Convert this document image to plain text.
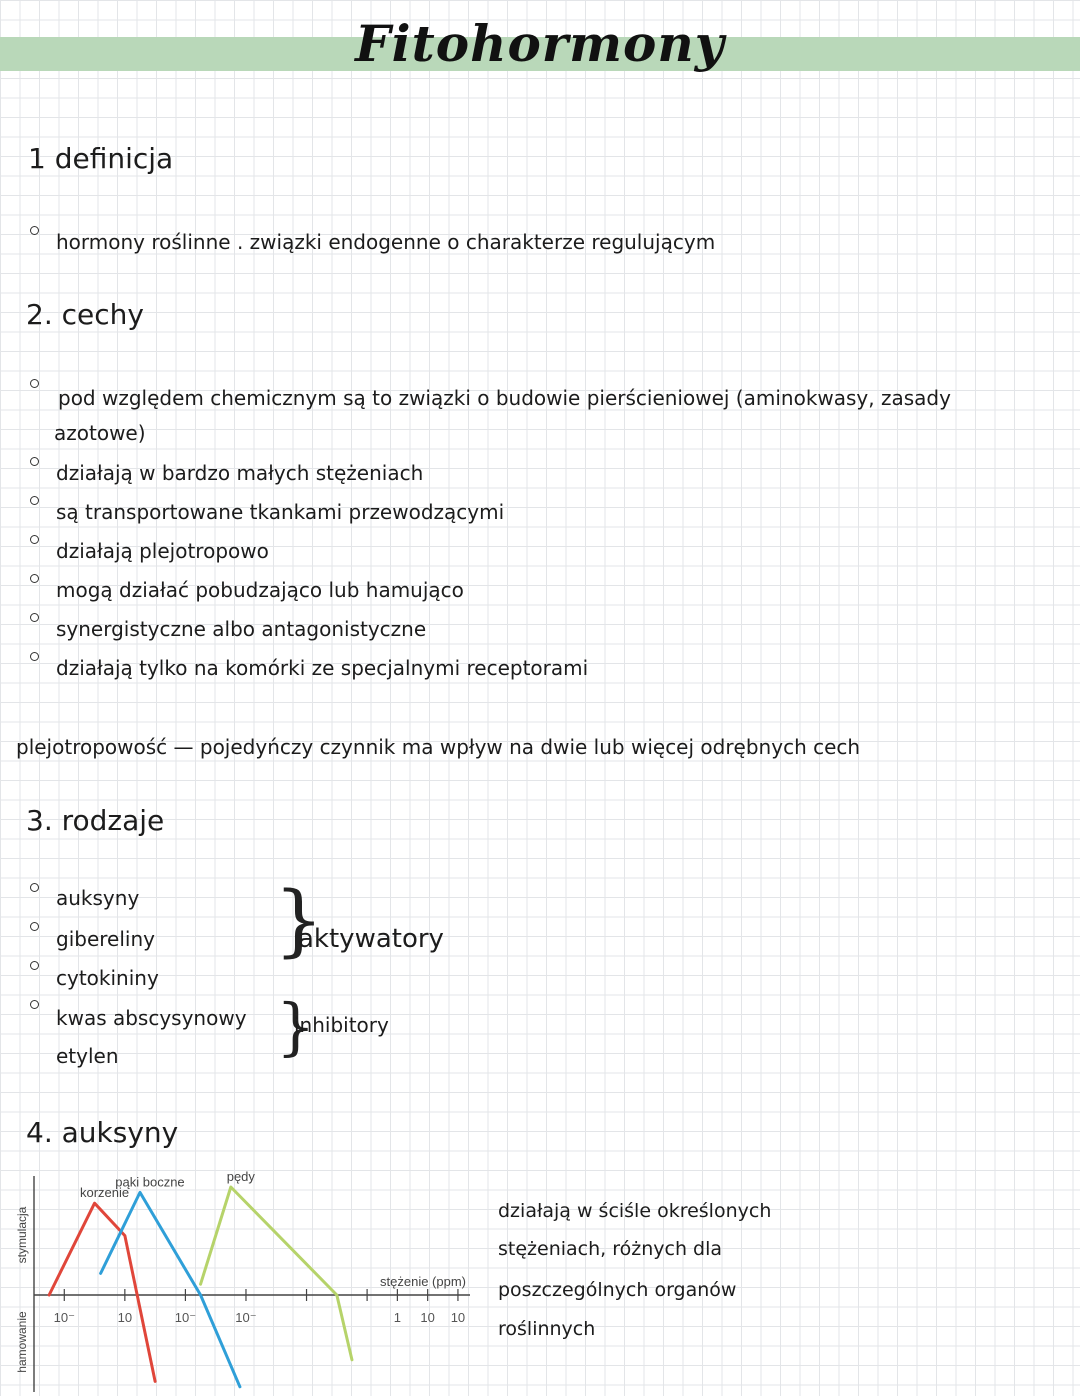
Fitohormony
1 definicja
hormony roślinne . związki endogenne o charakterze regulującym
2. cechy
pod względem chemicznym są to związki o budowie pierścieniowej (aminokwasy, zasady
azotowe)
działają w bardzo małych stężeniach
są transportowane tkankami przewodzącymi
działają plejotropowo
mogą działać pobudzająco lub hamująco
synergistyczne albo antagonistyczne
działają tylko na komórki ze specjalnymi receptorami
plejotropowość — pojedyńczy czynnik ma wpływ na dwie lub więcej odrębnych cech
3. rodzaje
auksyny
gibereliny
cytokininy
kwas abscysynowy
etylen
}
aktywatory
}
inhibitory
4. auksyny
stymulacja
hamowanie
stężenie (ppm)
10⁻	10	10⁻	10⁻	1 10 10
korzenie
pąki boczne	pędy
działają w ściśle określonych
stężeniach, różnych dla
poszczególnych organów
roślinnych
